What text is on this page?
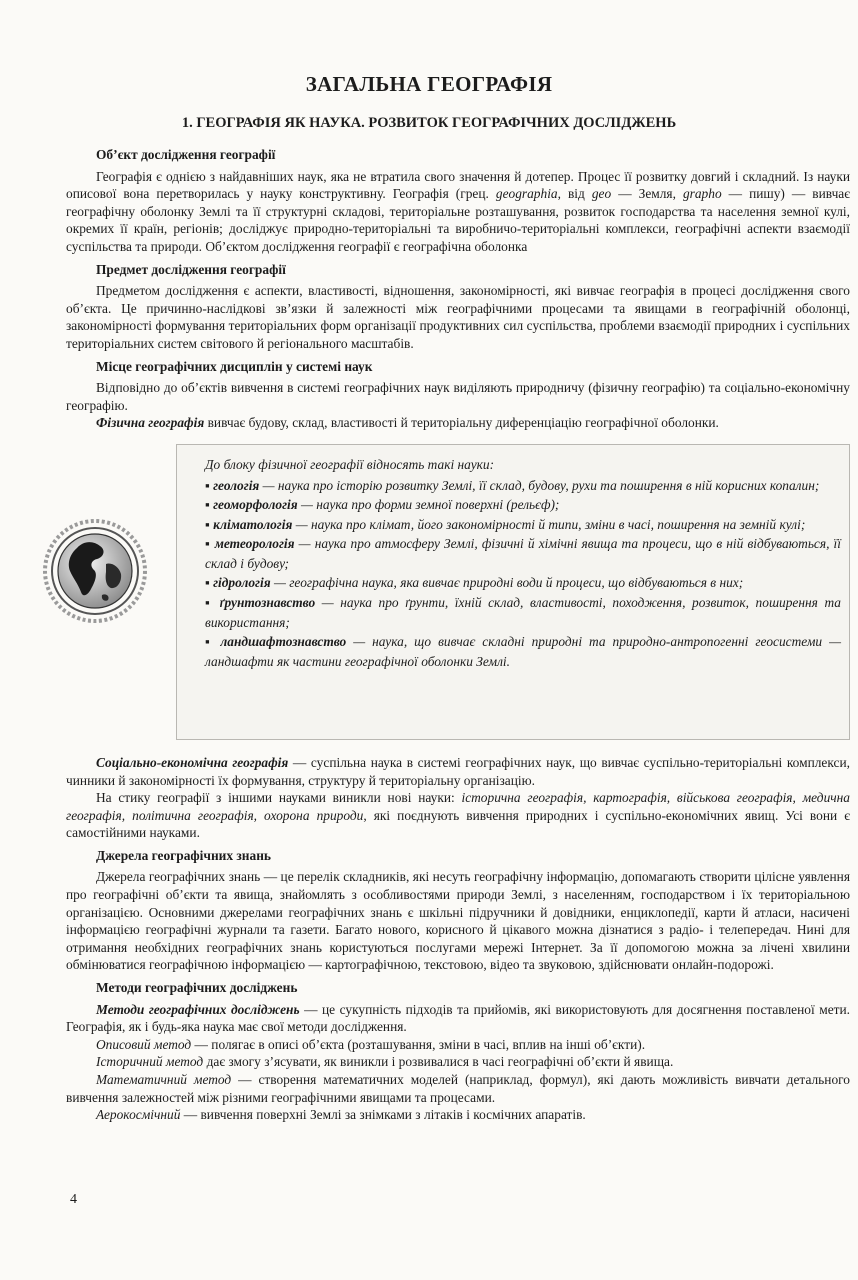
ЗАГАЛЬНА ГЕОГРАФІЯ
1. ГЕОГРАФІЯ ЯК НАУКА. РОЗВИТОК ГЕОГРАФІЧНИХ ДОСЛІДЖЕНЬ
Об’єкт дослідження географії

Географія є однією з найдавніших наук, яка не втратила свого значення й дотепер. Процес її розвитку довгий і складний. Із науки описової вона перетворилась у науку конструктивну. Географія (грец. geographia, від geo — Земля, grapho — пишу) — вивчає географічну оболонку Землі та її структурні складові, територіальне розташування, розвиток господарства та населення земної кулі, окремих її країн, регіонів; досліджує природно-територіальні та виробничо-територіальні комплекси, географічні аспекти взаємодії суспільства та природи. Об’єктом дослідження географії є географічна оболонка

Предмет дослідження географії

Предметом дослідження є аспекти, властивості, відношення, закономірності, які вивчає географія в процесі дослідження свого об’єкта. Це причинно-наслідкові зв’язки й залежності між географічними процесами та явищами в географічній оболонці, закономірності формування територіальних форм організації продуктивних сил суспільства, проблеми взаємодії природних і суспільних територіальних систем світового й регіонального масштабів.

Місце географічних дисциплін у системі наук

Відповідно до об’єктів вивчення в системі географічних наук виділяють природничу (фізичну географію) та соціально-економічну географію.

Фізична географія вивчає будову, склад, властивості й територіальну диференціацію географічної оболонки.

До блоку фізичної географії відносять такі науки:
▪ геологія — наука про історію розвитку Землі, її склад, будову, рухи та поширення в ній корисних копалин;
▪ геоморфологія — наука про форми земної поверхні (рельєф);
▪ кліматологія — наука про клімат, його закономірності й типи, зміни в часі, поширення на земній кулі;
▪ метеорологія — наука про атмосферу Землі, фізичні й хімічні явища та процеси, що в ній відбуваються, її склад і будову;
▪ гідрологія — географічна наука, яка вивчає природні води й процеси, що відбуваються в них;
▪ ґрунтознавство — наука про ґрунти, їхній склад, властивості, походження, розвиток, поширення та використання;
▪ ландшафтознавство — наука, що вивчає складні природні та природно-антропогенні геосистеми — ландшафти як частини географічної оболонки Землі.

Соціально-економічна географія — суспільна наука в системі географічних наук, що вивчає суспільно-територіальні комплекси, чинники й закономірності їх формування, структуру й територіальну організацію.

На стику географії з іншими науками виникли нові науки: історична географія, картографія, військова географія, медична географія, політична географія, охорона природи, які поєднують вивчення природних і суспільно-економічних явищ. Усі вони є самостійними науками.

Джерела географічних знань

Джерела географічних знань — це перелік складників, які несуть географічну інформацію, допомагають створити цілісне уявлення про географічні об’єкти та явища, знайомлять з особливостями природи Землі, з населенням, господарством і їх територіальною організацією. Основними джерелами географічних знань є шкільні підручники й довідники, енциклопедії, карти й атласи, насичені інформацією географічні журнали та газети. Багато нового, корисного й цікавого можна дізнатися з радіо- і телепередач. Нині для отримання необхідних географічних знань користуються послугами мережі Інтернет. За її допомогою можна за лічені хвилини обмінюватися географічною інформацією — картографічною, текстовою, відео та звуковою, здійснювати онлайн-подорожі.

Методи географічних досліджень

Методи географічних досліджень — це сукупність підходів та прийомів, які використовують для досягнення поставленої мети. Географія, як і будь-яка наука має свої методи дослідження.

Описовий метод — полягає в описі об’єкта (розташування, зміни в часі, вплив на інші об’єкти).

Історичний метод дає змогу з’ясувати, як виникли і розвивалися в часі географічні об’єкти й явища.

Математичний метод — створення математичних моделей (наприклад, формул), які дають можливість вивчати детального вивчення залежностей між різними географічними явищами та процесами.

Аерокосмічний — вивчення поверхні Землі за знімками з літаків і космічних апаратів.

4
